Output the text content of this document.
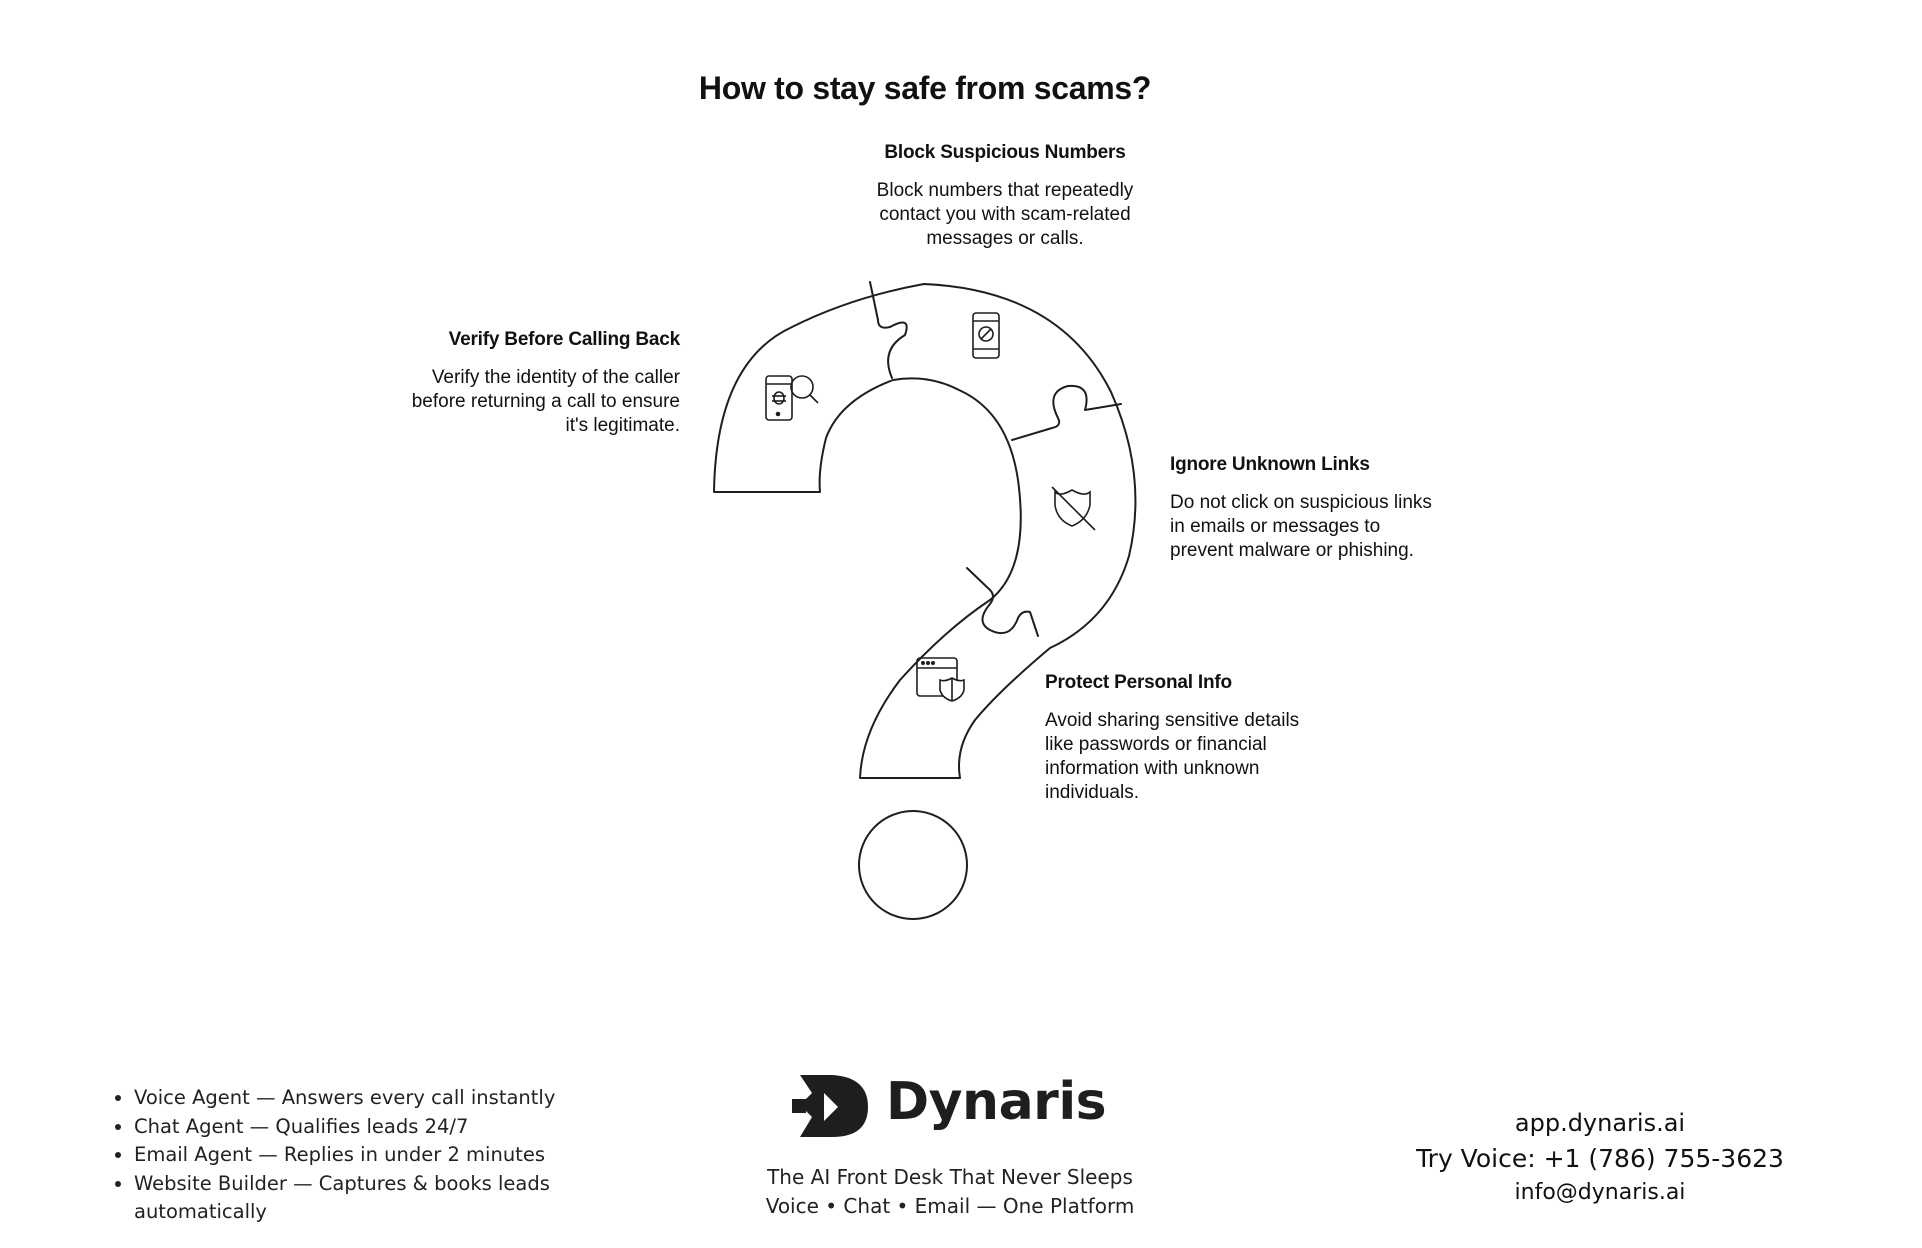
How to stay safe from scams?
Block Suspicious Numbers
Block numbers that repeatedly
contact you with scam-related
messages or calls.
Verify Before Calling Back
Verify the identity of the caller
before returning a call to ensure
it's legitimate.
Ignore Unknown Links
Do not click on suspicious links
in emails or messages to
prevent malware or phishing.
Protect Personal Info
Avoid sharing sensitive details
like passwords or financial
information with unknown
individuals.
• Voice Agent — Answers every call instantly
• Chat Agent — Qualifies leads 24/7
• Email Agent — Replies in under 2 minutes
• Website Builder — Captures & books leads automatically
Dynaris
The AI Front Desk That Never Sleeps
Voice • Chat • Email — One Platform
app.dynaris.ai
Try Voice: +1 (786) 755-3623
info@dynaris.ai
